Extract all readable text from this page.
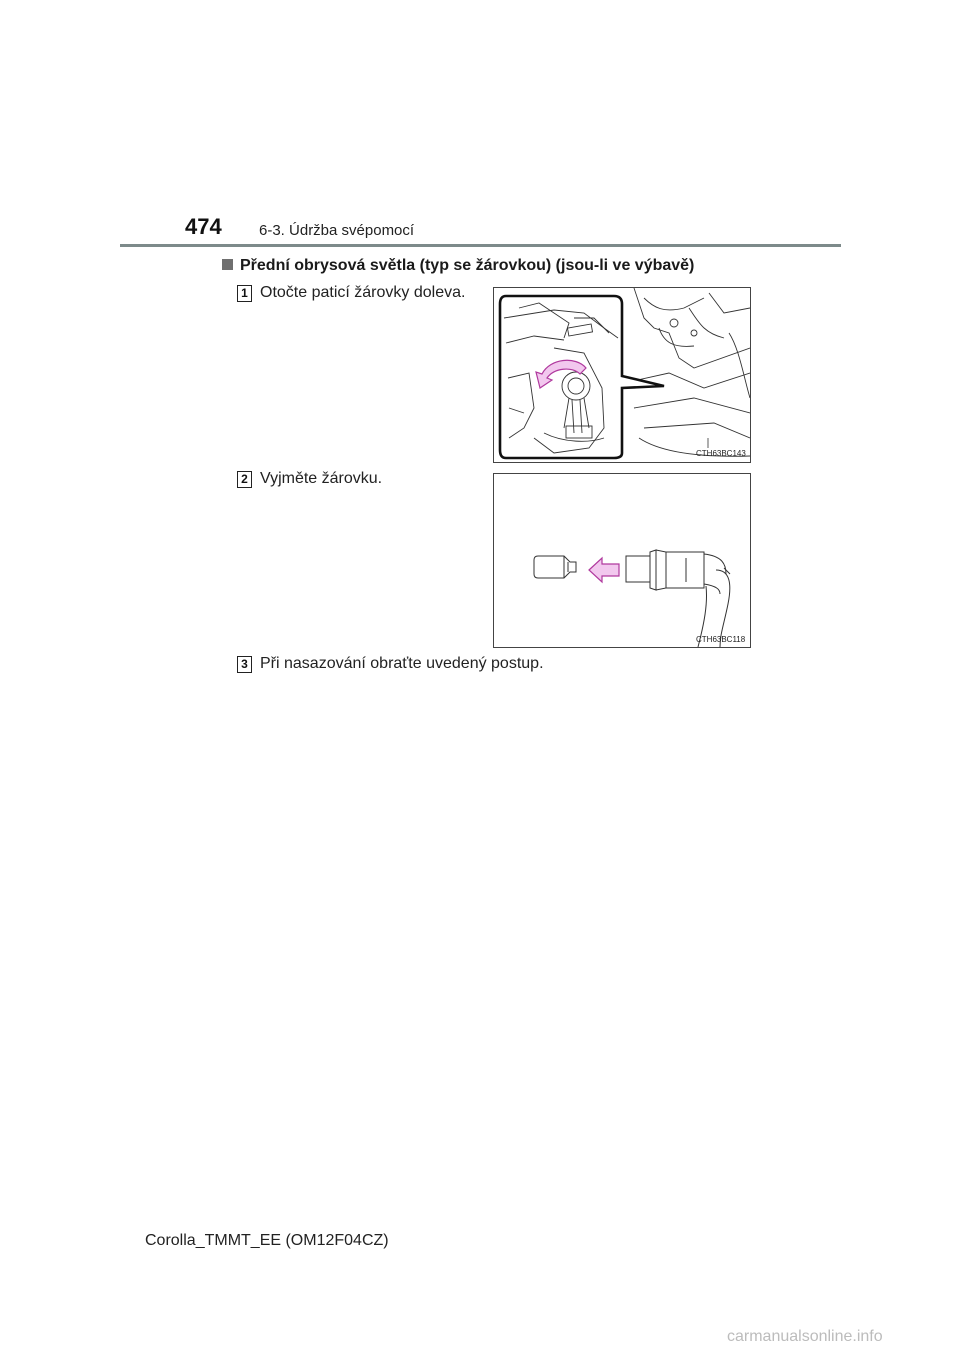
474 6-3. Údržba svépomocí
Přední obrysová světla (typ se žárovkou) (jsou-li ve výbavě)
1 Otočte paticí žárovky doleva.
CTH63BC143
2 Vyjměte žárovku.
CTH63BC118
3 Při nasazování obraťte uvedený postup.
Corolla_TMMT_EE (OM12F04CZ)
carmanualsonline.info
